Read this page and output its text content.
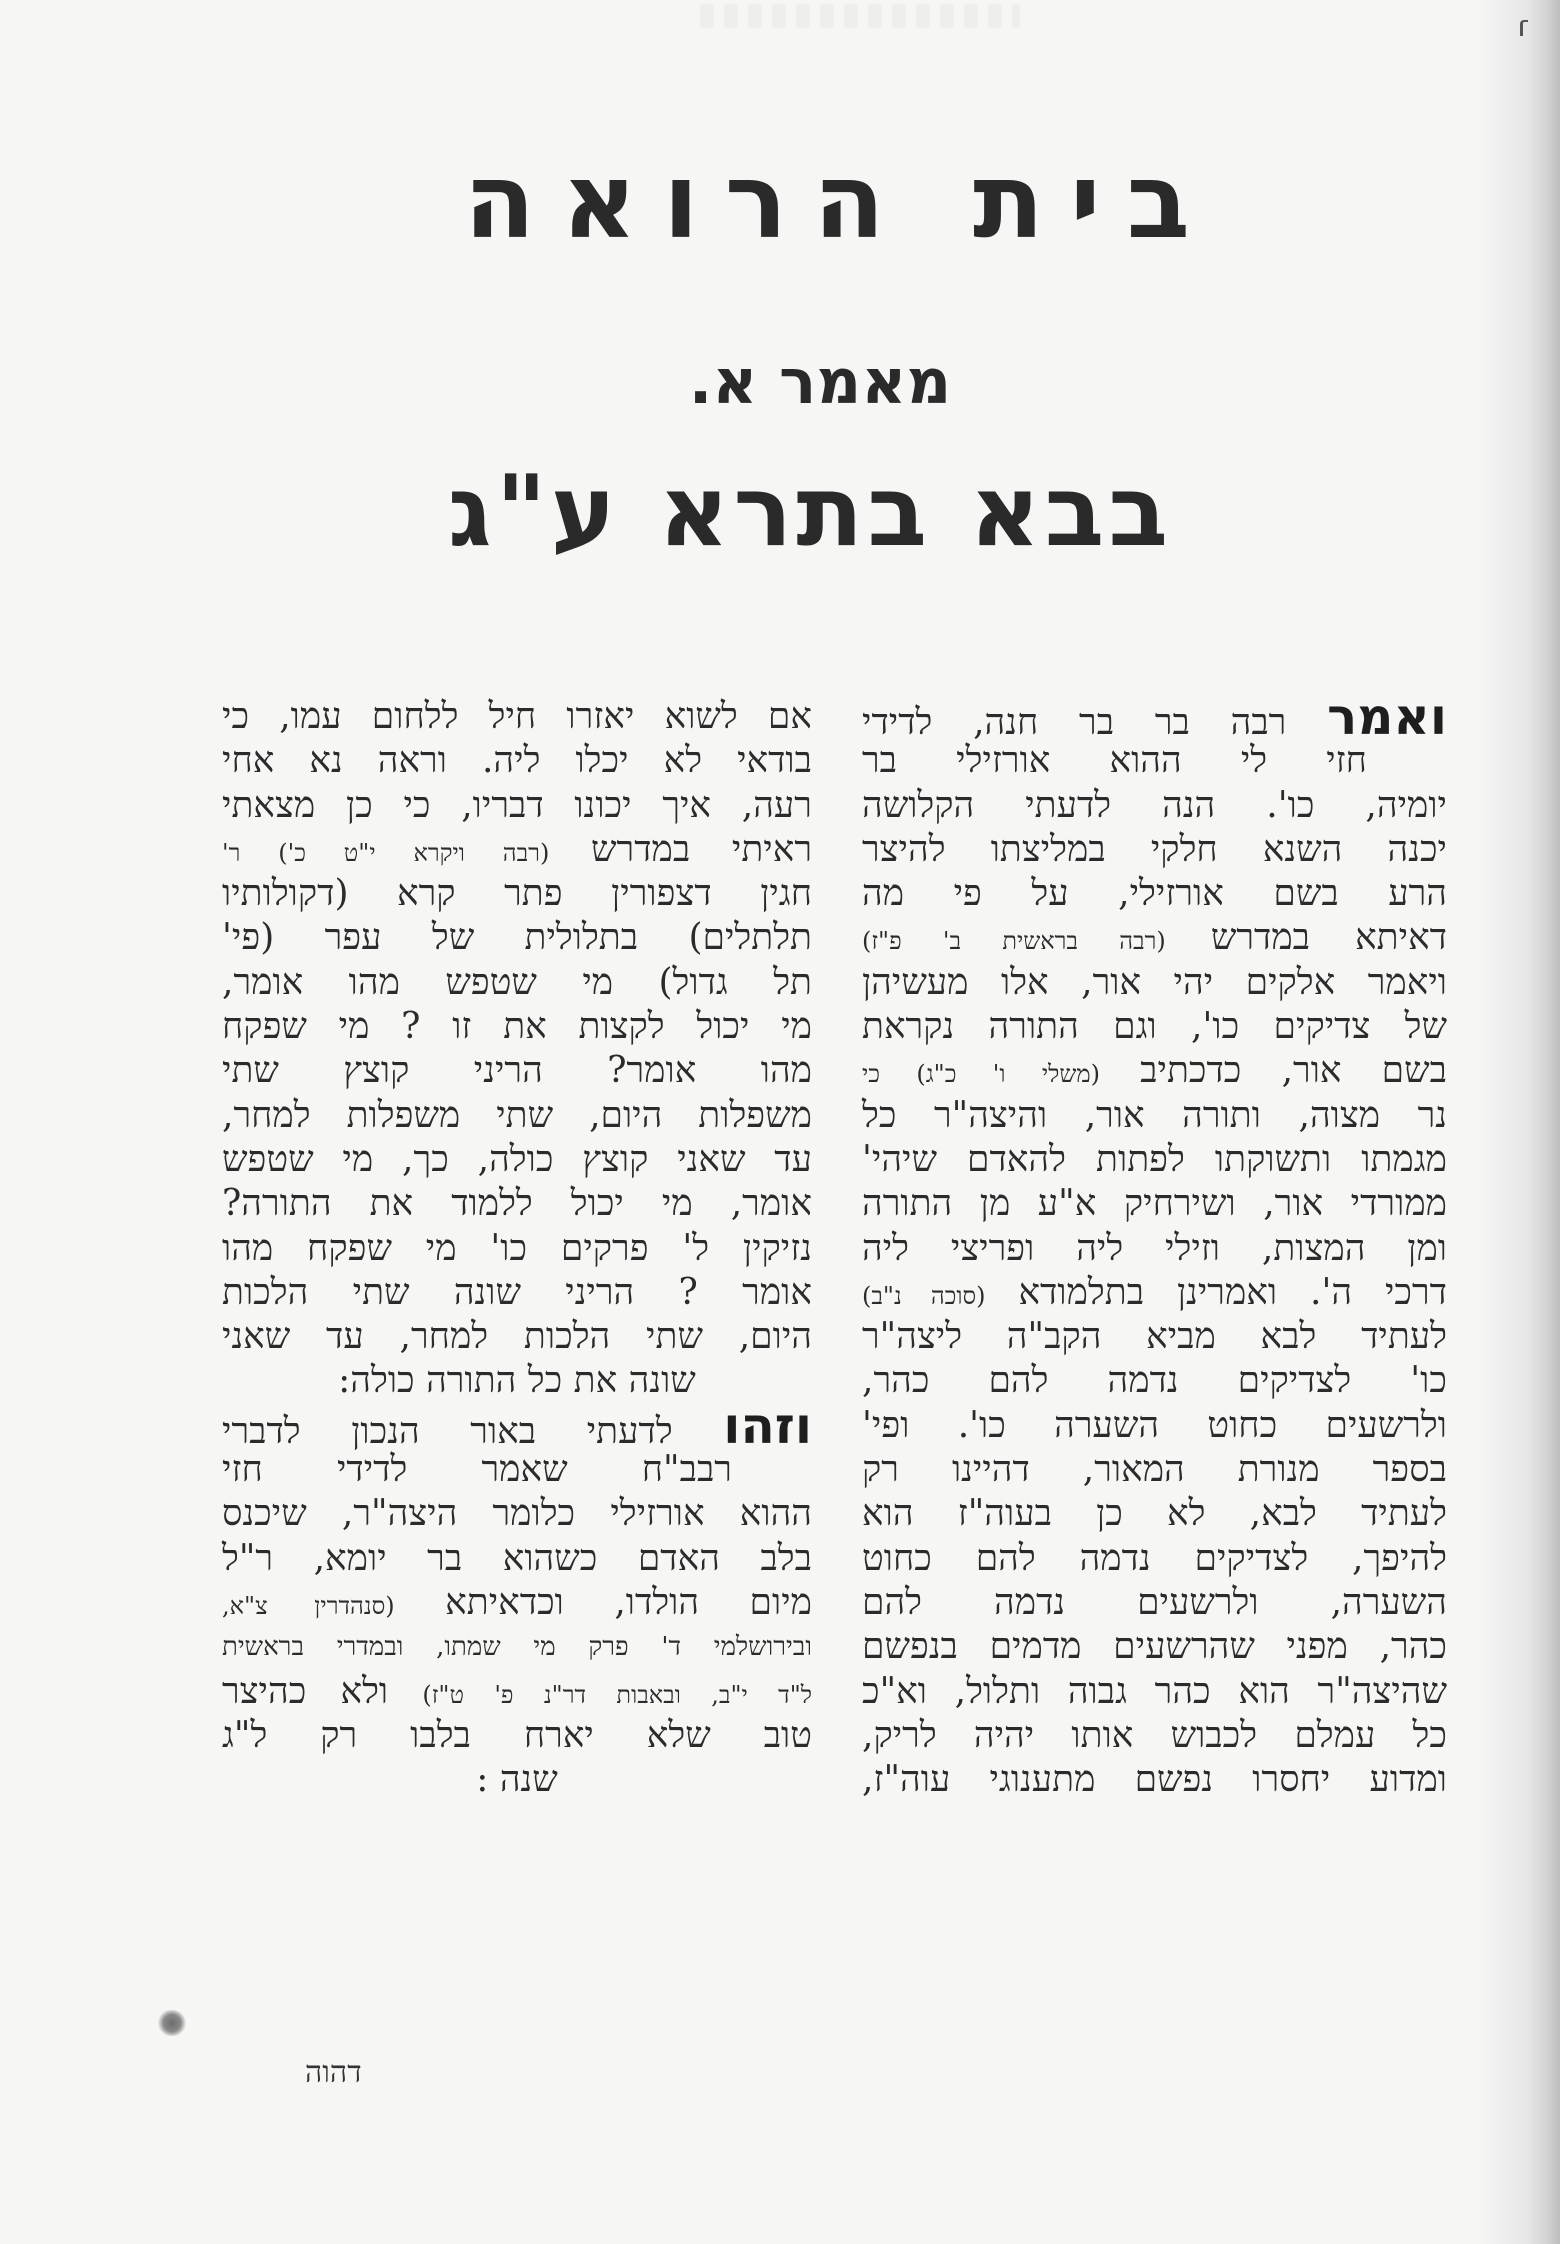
בית הרואה
מאמר א.
בבא בתרא ע"ג
ואמר רבה בר בר חנה, לדידי
חזי לי ההוא אורזילי בר
יומיה, כו'. הנה לדעתי הקלושה
יכנה השנא חלקי במליצתו להיצר
הרע בשם אורזילי, על פי מה
דאיתא במדרש (רבה בראשית ב' פ"ז)
ויאמר אלקים יהי אור, אלו מעשיהן
של צדיקים כו', וגם התורה נקראת
בשם אור, כדכתיב (משלי ו' כ"ג) כי
נר מצוה, ותורה אור, והיצה"ר כל
מגמתו ותשוקתו לפתות להאדם שיהי'
ממורדי אור, ושירחיק א"ע מן התורה
ומן המצות, וזילי ליה ופריצי ליה
דרכי ה'. ואמרינן בתלמודא (סוכה נ"ב)
לעתיד לבא מביא הקב"ה ליצה"ר
כו' לצדיקים נדמה להם כהר,
ולרשעים כחוט השערה כו'. ופי'
בספר מנורת המאור, דהיינו רק
לעתיד לבא, לא כן בעוה"ז הוא
להיפך, לצדיקים נדמה להם כחוט
השערה, ולרשעים נדמה להם
כהר, מפני שהרשעים מדמים בנפשם
שהיצה"ר הוא כהר גבוה ותלול, וא"כ
כל עמלם לכבוש אותו יהיה לריק,
ומדוע יחסרו נפשם מתענוגי עוה"ז,
אם לשוא יאזרו חיל ללחום עמו, כי
בודאי לא יכלו ליה. וראה נא אחי
רעה, איך יכונו דבריו, כי כן מצאתי
ראיתי במדרש (רבה ויקרא י"ט כ') ר'
חגין דצפורין פתר קרא (דקולותיו
תלתלים) בתלולית של עפר (פי'
תל גדול) מי שטפש מהו אומר,
מי יכול לקצות את זו ? מי שפקח
מהו אומר? הריני קוצץ שתי
משפלות היום, שתי משפלות למחר,
עד שאני קוצץ כולה, כך, מי שטפש
אומר, מי יכול ללמוד את התורה?
נזיקין ל' פרקים כו' מי שפקח מהו
אומר ? הריני שונה שתי הלכות
היום, שתי הלכות למחר, עד שאני
שונה את כל התורה כולה:
וזהו לדעתי באור הנכון לדברי
רבב"ח שאמר לדידי חזי
ההוא אורזילי כלומר היצה"ר, שיכנס
בלב האדם כשהוא בר יומא, ר"ל
מיום הולדו, וכדאיתא (סנהדרין צ"א,
ובירושלמי ד' פרק מי שמתו, ובמדרי בראשית
ל"ד י"ב, ובאבות דר"נ פ' ט"ז) ולא כהיצר
טוב שלא יארח בלבו רק ל"ג
שנה :
דהוה
